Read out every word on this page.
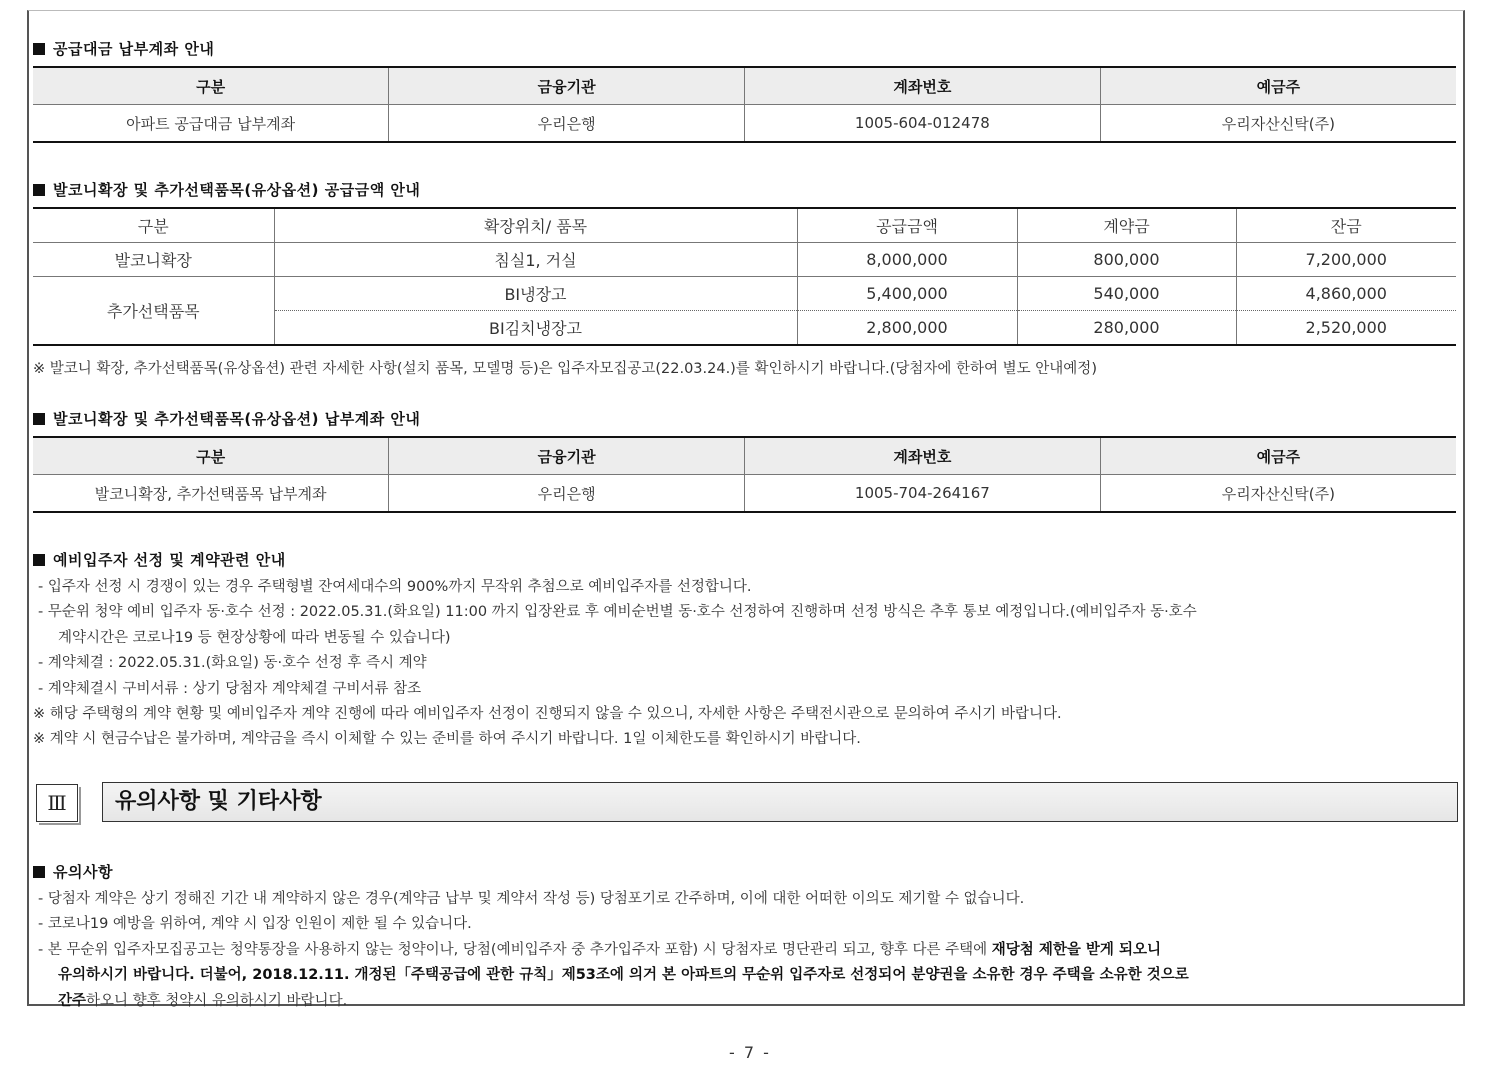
공급대금 납부계좌 안내
구분	금융기관	계좌번호	예금주
아파트 공급대금 납부계좌	우리은행	1005-604-012478	우리자산신탁(주)
발코니확장 및 추가선택품목(유상옵션) 공급금액 안내
구분	확장위치/ 품목	공급금액	계약금	잔금
발코니확장	침실1, 거실	8,000,000	800,000	7,200,000
추가선택품목	BI냉장고	5,400,000	540,000	4,860,000
	BI김치냉장고	2,800,000	280,000	2,520,000
※ 발코니 확장, 추가선택품목(유상옵션) 관련 자세한 사항(설치 품목, 모델명 등)은 입주자모집공고(22.03.24.)를 확인하시기 바랍니다.(당첨자에 한하여 별도 안내예정)
발코니확장 및 추가선택품목(유상옵션) 납부계좌 안내
구분	금융기관	계좌번호	예금주
발코니확장, 추가선택품목 납부계좌	우리은행	1005-704-264167	우리자산신탁(주)
예비입주자 선정 및 계약관련 안내
- 입주자 선정 시 경쟁이 있는 경우 주택형별 잔여세대수의 900%까지 무작위 추첨으로 예비입주자를 선정합니다.
- 무순위 청약 예비 입주자 동·호수 선정 : 2022.05.31.(화요일) 11:00 까지 입장완료 후 예비순번별 동·호수 선정하여 진행하며 선정 방식은 추후 통보 예정입니다.(예비입주자 동·호수
계약시간은 코로나19 등 현장상황에 따라 변동될 수 있습니다)
- 계약체결 : 2022.05.31.(화요일) 동·호수 선정 후 즉시 계약
- 계약체결시 구비서류 : 상기 당첨자 계약체결 구비서류 참조
※ 해당 주택형의 계약 현황 및 예비입주자 계약 진행에 따라 예비입주자 선정이 진행되지 않을 수 있으니, 자세한 사항은 주택전시관으로 문의하여 주시기 바랍니다.
※ 계약 시 현금수납은 불가하며, 계약금을 즉시 이체할 수 있는 준비를 하여 주시기 바랍니다. 1일 이체한도를 확인하시기 바랍니다.
Ⅲ	유의사항 및 기타사항
유의사항
- 당첨자 계약은 상기 정해진 기간 내 계약하지 않은 경우(계약금 납부 및 계약서 작성 등) 당첨포기로 간주하며, 이에 대한 어떠한 이의도 제기할 수 없습니다.
- 코로나19 예방을 위하여, 계약 시 입장 인원이 제한 될 수 있습니다.
- 본 무순위 입주자모집공고는 청약통장을 사용하지 않는 청약이나, 당첨(예비입주자 중 추가입주자 포함) 시 당첨자로 명단관리 되고, 향후 다른 주택에 재당첨 제한을 받게 되오니
유의하시기 바랍니다. 더불어, 2018.12.11. 개정된「주택공급에 관한 규칙」제53조에 의거 본 아파트의 무순위 입주자로 선정되어 분양권을 소유한 경우 주택을 소유한 것으로
간주하오니 향후 청약시 유의하시기 바랍니다.
- 7 -
